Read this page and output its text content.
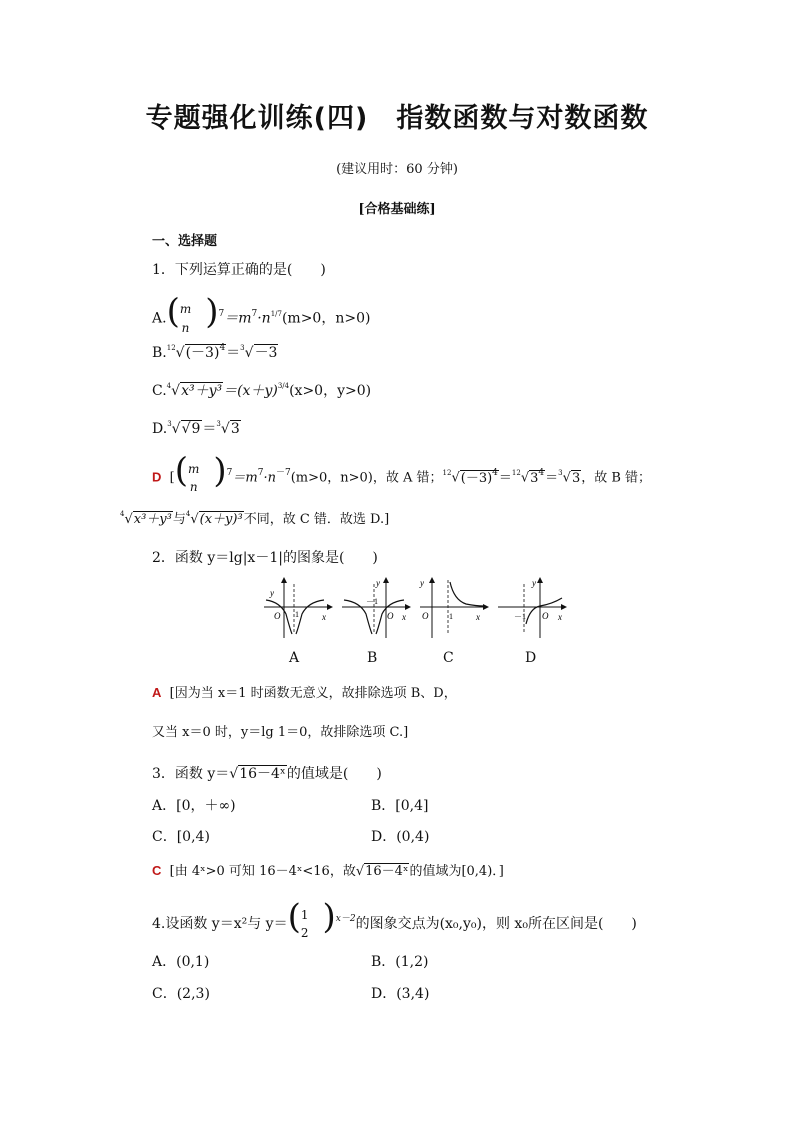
专题强化训练(四)　指数函数与对数函数
(建议用时：60 分钟)
[合格基础练]
一、选择题
1．下列运算正确的是(　　)
A.( m
n )$^7=m^7\cdot n^{1/7}(m>0$，n>0)
$B.^{12}√(-3)^4=^3√-3$
$C.^4√x^3+y^3=(x+y)^{3/4}(x>0$，y>0)
D.$^3$√√9 ＝$^3$√3
D [( m
n )$^7=m^7\cdot n^{-7}(m>0$，n>0)，故 A 错；$^{12}√(-3)^4=^{12}√3^4=^3√3$，故 B 错；
$^4$√x³＋y³与$^4$√(x＋y)³不同，故 C 错．故选 D.]
2．函数 y＝lg|x－1|的图象是(　　)
y
O 1	x
y
O
－1
x
y
O	1	x
y
O
－1	x
A	B	C	D
A [因为当 x＝1 时函数无意义，故排除选项 B、D，
又当 x＝0 时，y＝lg 1＝0，故排除选项 C.]
3．函数 y＝√16－4ˣ的值域是(　　)
A．[0，＋∞)	B．[0,4]
C．[0,4)	D．(0,4)
C [由 4ˣ>0 可知 16－4ˣ<16，故√16－4ˣ的值域为[0,4)．]
4.设函数 y＝x²与 y＝( 1
2 )$^{x-2}$的图象交点为(x₀,y₀)，则 x₀所在区间是(　　)
A．(0,1)	B．(1,2)
C．(2,3)	D．(3,4)
